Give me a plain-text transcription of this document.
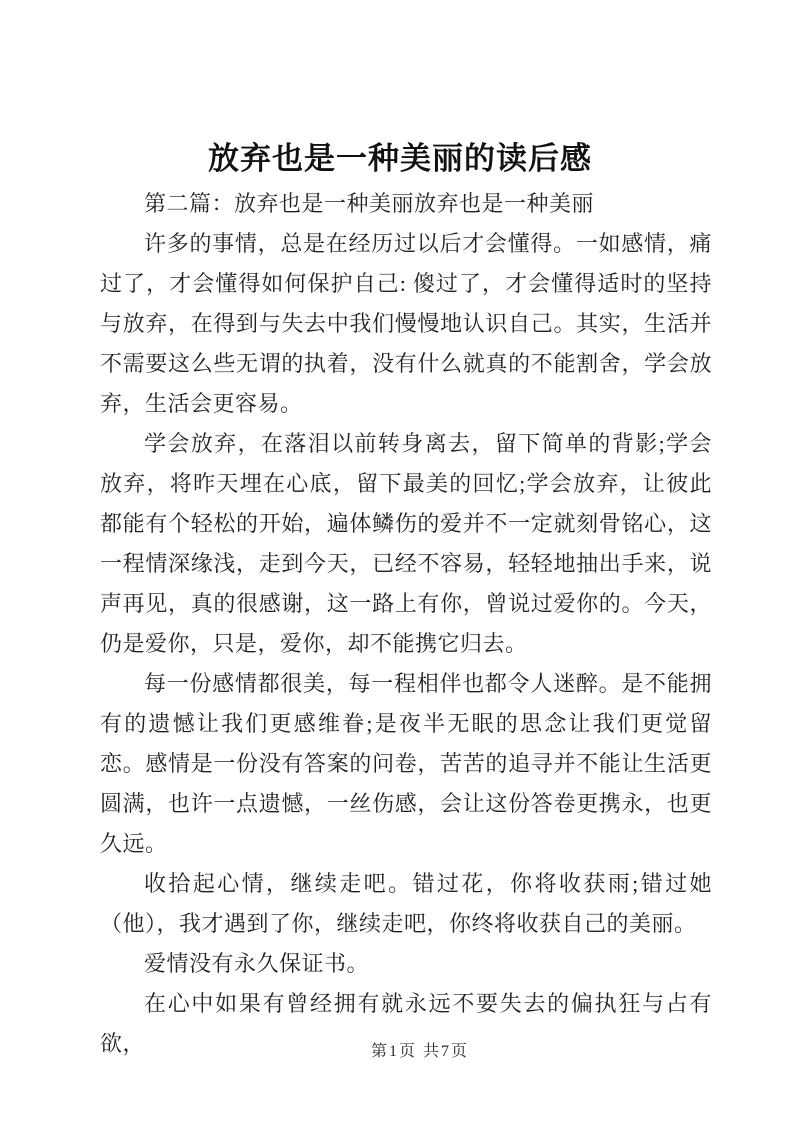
放弃也是一种美丽的读后感

第二篇：放弃也是一种美丽放弃也是一种美丽

许多的事情，总是在经历过以后才会懂得。一如感情，痛过了，才会懂得如何保护自己: 傻过了，才会懂得适时的坚持与放弃，在得到与失去中我们慢慢地认识自己。其实，生活并不需要这么些无谓的执着，没有什么就真的不能割舍，学会放弃，生活会更容易。

学会放弃，在落泪以前转身离去，留下简单的背影;学会放弃，将昨天埋在心底，留下最美的回忆;学会放弃，让彼此都能有个轻松的开始，遍体鳞伤的爱并不一定就刻骨铭心，这一程情深缘浅，走到今天，已经不容易，轻轻地抽出手来，说声再见，真的很感谢，这一路上有你，曾说过爱你的。今天，仍是爱你，只是，爱你，却不能携它归去。

每一份感情都很美，每一程相伴也都令人迷醉。是不能拥有的遗憾让我们更感维眷;是夜半无眠的思念让我们更觉留恋。感情是一份没有答案的问卷，苦苦的追寻并不能让生活更圆满，也许一点遗憾，一丝伤感，会让这份答卷更携永，也更久远。

收拾起心情，继续走吧。错过花，你将收获雨;错过她（他），我才遇到了你，继续走吧，你终将收获自己的美丽。

爱情没有永久保证书。

在心中如果有曾经拥有就永远不要失去的偏执狂与占有欲，	第1页 共7页
